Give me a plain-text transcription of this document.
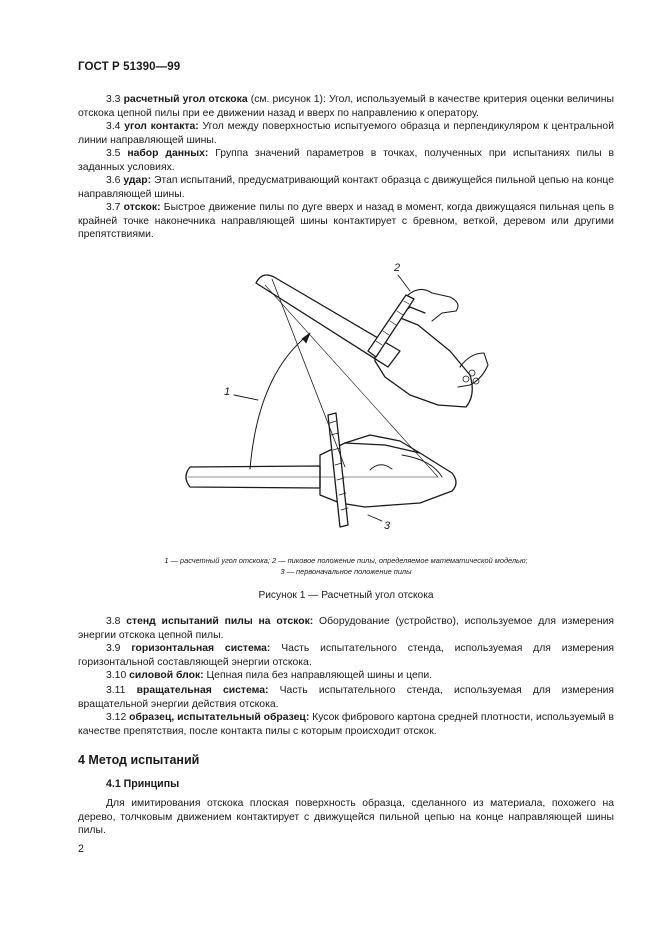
ГОСТ Р 51390—99

3.3 расчетный угол отскока (см. рисунок 1): Угол, используемый в качестве критерия оценки величины отскока цепной пилы при ее движении назад и вверх по направлению к оператору.

3.4 угол контакта: Угол между поверхностью испытуемого образца и перпендикуляром к центральной линии направляющей шины.

3.5 набор данных: Группа значений параметров в точках, полученных при испытаниях пилы в заданных условиях.

3.6 удар: Этап испытаний, предусматривающий контакт образца с движущейся пильной цепью на конце направляющей шины.

3.7 отскок: Быстрое движение пилы по дуге вверх и назад в момент, когда движущаяся пильная цепь в крайней точке наконечника направляющей шины контактирует с бревном, веткой, деревом или другими препятствиями.

1
2
3
1 — расчетный угол отскока; 2 — пиковое положение пилы, определяемое математической моделью;
3 — первоначальное положение пилы
Рисунок 1 — Расчетный угол отскока

3.8 стенд испытаний пилы на отскок: Оборудование (устройство), используемое для измерения энергии отскока цепной пилы.

3.9 горизонтальная система: Часть испытательного стенда, используемая для измерения горизонтальной составляющей энергии отскока.

3.10 силовой блок: Цепная пила без направляющей шины и цепи.

3.11 вращательная система: Часть испытательного стенда, используемая для измерения вращательной энергии действия отскока.

3.12 образец, испытательный образец: Кусок фибрового картона средней плотности, используемый в качестве препятствия, после контакта пилы с которым происходит отскок.

4 Метод испытаний
4.1 Принципы

Для имитирования отскока плоская поверхность образца, сделанного из материала, похожего на дерево, толчковым движением контактирует с движущейся пильной цепью на конце направляющей шины пилы.

2
